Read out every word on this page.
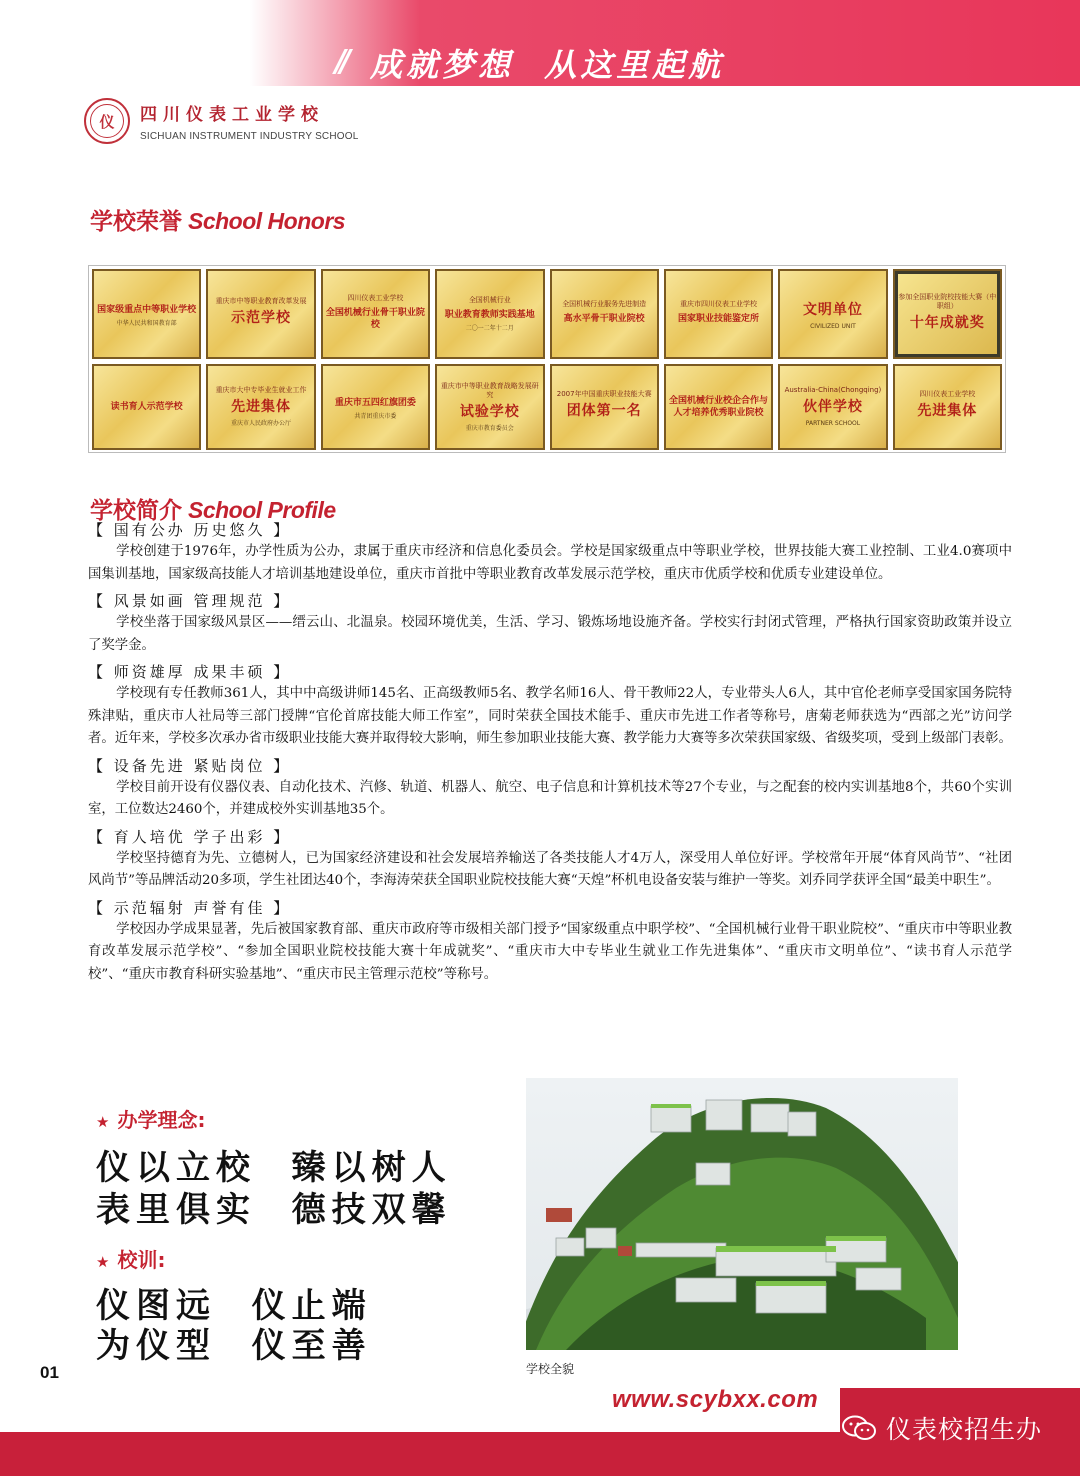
// 成就梦想  从这里起航
仪 四川仪表工业学校
SICHUAN INSTRUMENT INDUSTRY SCHOOL
学校荣誉 School Honors
国家级重点中等职业学校
中华人民共和国教育部
重庆市中等职业教育改革发展
示范学校
四川仪表工业学校
全国机械行业骨干职业院校
全国机械行业
职业教育教师实践基地
二〇一二年十二月
全国机械行业服务先进制造
高水平骨干职业院校
重庆市四川仪表工业学校
国家职业技能鉴定所
文明单位
CIVILIZED UNIT
参加全国职业院校技能大赛（中职组）
十年成就奖
读书育人示范学校
重庆市大中专毕业生就业工作
先进集体
重庆市人民政府办公厅
重庆市五四红旗团委
共青团重庆市委
重庆市中等职业教育战略发展研究
试验学校
重庆市教育委员会
2007年中国重庆职业技能大赛
团体第一名
全国机械行业校企合作与人才培养优秀职业院校
Australia-China(Chongqing)
伙伴学校
PARTNER SCHOOL
四川仪表工业学校
先进集体
学校简介 School Profile
【 国有公办 历史悠久 】
学校创建于1976年，办学性质为公办，隶属于重庆市经济和信息化委员会。学校是国家级重点中等职业学校，世界技能大赛工业控制、工业4.0赛项中国集训基地，国家级高技能人才培训基地建设单位，重庆市首批中等职业教育改革发展示范学校，重庆市优质学校和优质专业建设单位。
【 风景如画 管理规范 】
学校坐落于国家级风景区——缙云山、北温泉。校园环境优美，生活、学习、锻炼场地设施齐备。学校实行封闭式管理，严格执行国家资助政策并设立了奖学金。
【 师资雄厚 成果丰硕 】
学校现有专任教师361人，其中中高级讲师145名、正高级教师5名、教学名师16人、骨干教师22人，专业带头人6人，其中官伦老师享受国家国务院特殊津贴，重庆市人社局等三部门授牌“官伦首席技能大师工作室”，同时荣获全国技术能手、重庆市先进工作者等称号，唐菊老师获选为“西部之光”访问学者。近年来，学校多次承办省市级职业技能大赛并取得较大影响，师生参加职业技能大赛、教学能力大赛等多次荣获国家级、省级奖项，受到上级部门表彰。
【 设备先进 紧贴岗位 】
学校目前开设有仪器仪表、自动化技术、汽修、轨道、机器人、航空、电子信息和计算机技术等27个专业，与之配套的校内实训基地8个，共60个实训室，工位数达2460个，并建成校外实训基地35个。
【 育人培优 学子出彩 】
学校坚持德育为先、立德树人，已为国家经济建设和社会发展培养输送了各类技能人才4万人，深受用人单位好评。学校常年开展“体育风尚节”、“社团风尚节”等品牌活动20多项，学生社团达40个，李海涛荣获全国职业院校技能大赛“天煌”杯机电设备安装与维护一等奖。刘乔同学获评全国“最美中职生”。
【 示范辐射 声誉有佳 】
学校因办学成果显著，先后被国家教育部、重庆市政府等市级相关部门授予“国家级重点中职学校”、“全国机械行业骨干职业院校”、“重庆市中等职业教育改革发展示范学校”、“参加全国职业院校技能大赛十年成就奖”、“重庆市大中专毕业生就业工作先进集体”、“重庆市文明单位”、“读书育人示范学校”、“重庆市教育科研实验基地”、“重庆市民主管理示范校”等称号。
★ 办学理念:
仪以立校  臻以树人
表里俱实  德技双馨
★ 校训:
仪图远  仪止端
为仪型  仪至善
学校全貌
01
www.scybxx.com
仪表校招生办
